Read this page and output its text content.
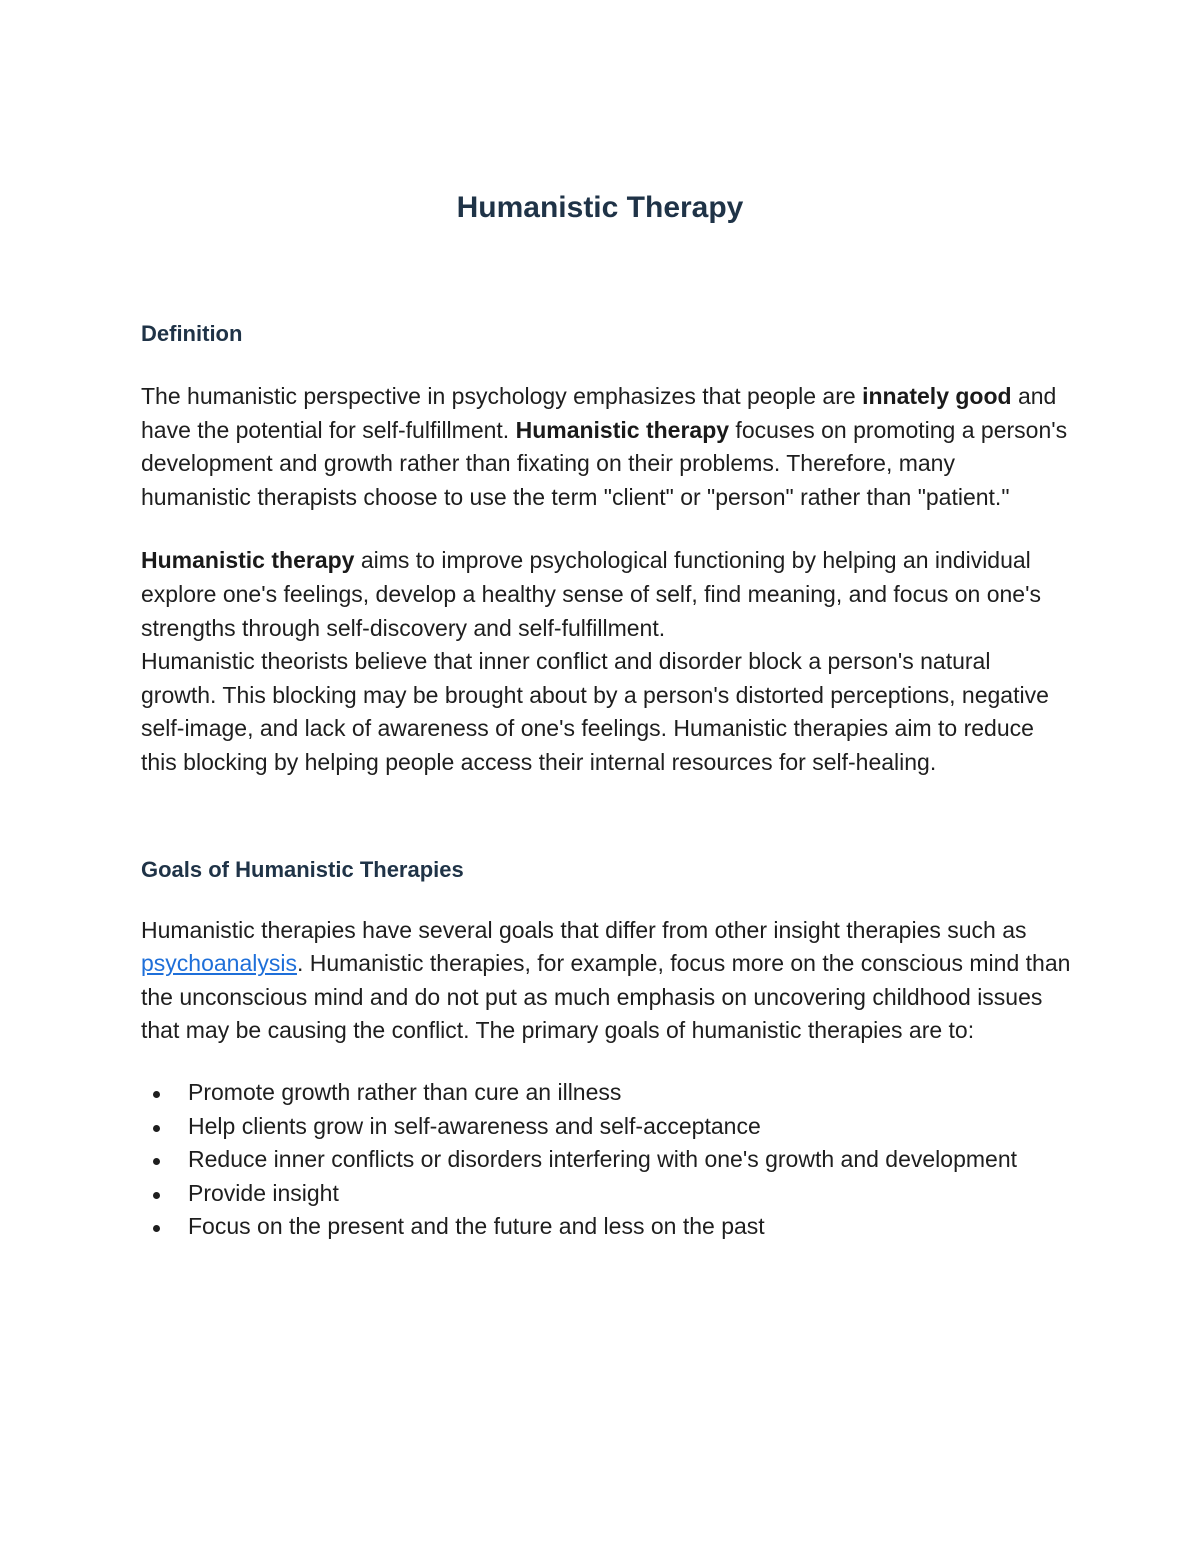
Humanistic Therapy
Definition

The humanistic perspective in psychology emphasizes that people are innately good and have the potential for self-fulfillment. Humanistic therapy focuses on promoting a person's development and growth rather than fixating on their problems. Therefore, many humanistic therapists choose to use the term "client" or "person" rather than "patient."

Humanistic therapy aims to improve psychological functioning by helping an individual explore one's feelings, develop a healthy sense of self, find meaning, and focus on one's strengths through self-discovery and self-fulfillment.

Humanistic theorists believe that inner conflict and disorder block a person's natural growth. This blocking may be brought about by a person's distorted perceptions, negative self-image, and lack of awareness of one's feelings. Humanistic therapies aim to reduce this blocking by helping people access their internal resources for self-healing.

Goals of Humanistic Therapies

Humanistic therapies have several goals that differ from other insight therapies such as psychoanalysis. Humanistic therapies, for example, focus more on the conscious mind than the unconscious mind and do not put as much emphasis on uncovering childhood issues that may be causing the conflict. The primary goals of humanistic therapies are to:

Promote growth rather than cure an illness
Help clients grow in self-awareness and self-acceptance
Reduce inner conflicts or disorders interfering with one's growth and development
Provide insight
Focus on the present and the future and less on the past
